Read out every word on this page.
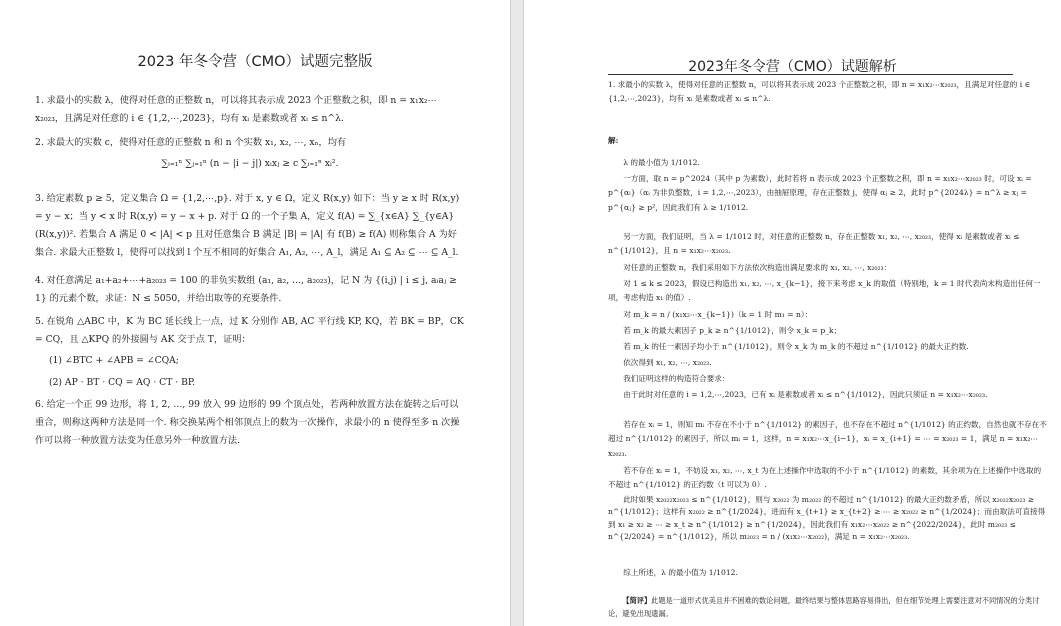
2023 年冬令营（CMO）试题完整版

1. 求最小的实数 λ，使得对任意的正整数 n，可以将其表示成 2023 个正整数之积，即 n = x₁x₂⋯x₂₀₂₃，且满足对任意的 i ∈ {1,2,⋯,2023}，均有 xᵢ 是素数或者 xᵢ ≤ n^λ.

2. 求最大的实数 c，使得对任意的正整数 n 和 n 个实数 x₁, x₂, ⋯, xₙ，均有

∑ᵢ₌₁ⁿ ∑ⱼ₌₁ⁿ (n − |i − j|) xᵢxⱼ ≥ c ∑ᵢ₌₁ⁿ xᵢ².

3. 给定素数 p ≥ 5，定义集合 Ω = {1,2,⋯,p}. 对于 x, y ∈ Ω，定义 R(x,y) 如下：当 y ≥ x 时 R(x,y) = y − x；当 y < x 时 R(x,y) = y − x + p. 对于 Ω 的一个子集 A，定义 f(A) = ∑_{x∈A} ∑_{y∈A} (R(x,y))². 若集合 A 满足 0 < |A| < p 且对任意集合 B 满足 |B| = |A| 有 f(B) ≥ f(A) 则称集合 A 为好集合. 求最大正整数 l，使得可以找到 l 个互不相同的好集合 A₁, A₂, ⋯, A_l，满足 A₁ ⊆ A₂ ⊆ ⋯ ⊆ A_l.

4. 对任意满足 a₁+a₂+⋯+a₂₀₂₃ = 100 的非负实数组 (a₁, a₂, …, a₂₀₂₃)，记 N 为 {(i,j) | i ≤ j, aᵢaⱼ ≥ 1} 的元素个数，求证：N ≤ 5050，并给出取等的充要条件.

5. 在锐角 △ABC 中，K 为 BC 延长线上一点，过 K 分别作 AB, AC 平行线 KP, KQ，若 BK = BP，CK = CQ，且 △KPQ 的外接圆与 AK 交于点 T，证明：

(1) ∠BTC + ∠APB = ∠CQA;

(2) AP · BT · CQ = AQ · CT · BP.

6. 给定一个正 99 边形，将 1, 2, …, 99 放入 99 边形的 99 个顶点处，若两种放置方法在旋转之后可以重合，则称这两种方法是同一个. 称交换某两个相邻顶点上的数为一次操作，求最小的 n 使得至多 n 次操作可以将一种放置方法变为任意另外一种放置方法.

2023年冬令营（CMO）试题解析

1. 求最小的实数 λ，使得对任意的正整数 n，可以将其表示成 2023 个正整数之积，即 n = x₁x₂⋯x₂₀₂₃，且满足对任意的 i ∈ {1,2,⋯,2023}，均有 xᵢ 是素数或者 xᵢ ≤ n^λ.

解:

λ 的最小值为 1/1012.

一方面，取 n = p^2024（其中 p 为素数），此时若将 n 表示成 2023 个正整数之积，即 n = x₁x₂⋯x₂₀₂₃ 时，可设 xᵢ = p^{αᵢ}（αᵢ 为非负整数，i = 1,2,⋯,2023），由抽屉原理，存在正整数 j，使得 αⱼ ≥ 2，此时 p^{2024λ} = n^λ ≥ xⱼ = p^{αⱼ} ≥ p²，因此我们有 λ ≥ 1/1012.

另一方面，我们证明，当 λ = 1/1012 时，对任意的正整数 n，存在正整数 x₁, x₂, ⋯, x₂₀₂₃，使得 xᵢ 是素数或者 xᵢ ≤ n^{1/1012}，且 n = x₁x₂⋯x₂₀₂₃.

对任意的正整数 n，我们采用如下方法依次构造出满足要求的 x₁, x₂, ⋯, x₂₀₂₃：

对 1 ≤ k ≤ 2023，假设已构造出 x₁, x₂, ⋯, x_{k−1}，接下来考虑 x_k 的取值（特别地，k = 1 时代表尚未构造出任何一项，考虑构造 x₁ 的值）.

对 m_k = n / (x₁x₂⋯x_{k−1})（k = 1 时 m₁ = n）：

若 m_k 的最大素因子 p_k ≥ n^{1/1012}，则令 x_k = p_k；

若 m_k 的任一素因子均小于 n^{1/1012}，则令 x_k 为 m_k 的不超过 n^{1/1012} 的最大正约数.

依次得到 x₁, x₂, ⋯, x₂₀₂₃.

我们证明这样的构造符合要求：

由于此时对任意的 i = 1,2,⋯,2023，已有 xᵢ 是素数或者 xᵢ ≤ n^{1/1012}，因此只须证 n = x₁x₂⋯x₂₀₂₃.

若存在 xᵢ = 1，则知 mᵢ 不存在不小于 n^{1/1012} 的素因子，也不存在不超过 n^{1/1012} 的正约数，自然也就不存在不超过 n^{1/1012} 的素因子，所以 mᵢ = 1，这样，n = x₁x₂⋯x_{i−1}，xᵢ = x_{i+1} = ⋯ = x₂₀₂₃ = 1，满足 n = x₁x₂⋯x₂₀₂₃.

若不存在 xᵢ = 1，不妨设 x₁, x₂, ⋯, x_t 为在上述操作中选取的不小于 n^{1/1012} 的素数，其余项为在上述操作中选取的不超过 n^{1/1012} 的正约数（t 可以为 0）.

此时如果 x₂₀₂₂x₂₀₂₃ ≤ n^{1/1012}，则与 x₂₀₂₂ 为 m₂₀₂₂ 的不超过 n^{1/1012} 的最大正约数矛盾，所以 x₂₀₂₂x₂₀₂₃ ≥ n^{1/1012}；这样有 x₂₀₂₂ ≥ n^{1/2024}，进而有 x_{t+1} ≥ x_{t+2} ≥ ⋯ ≥ x₂₀₂₂ ≥ n^{1/2024}；而由取法可直接得到 x₁ ≥ x₂ ≥ ⋯ ≥ x_t ≥ n^{1/1012} ≥ n^{1/2024}，因此我们有 x₁x₂⋯x₂₀₂₂ ≥ n^{2022/2024}，此时 m₂₀₂₃ ≤ n^{2/2024} = n^{1/1012}，所以 m₂₀₂₃ = n / (x₁x₂⋯x₂₀₂₂)，满足 n = x₁x₂⋯x₂₀₂₃.

综上所述，λ 的最小值为 1/1012.

【简评】此题是一道形式优美且并不困难的数论问题，最终结果与整体思路容易得出，但在细节处理上需要注意对不同情况的分类讨论，避免出现遗漏。
